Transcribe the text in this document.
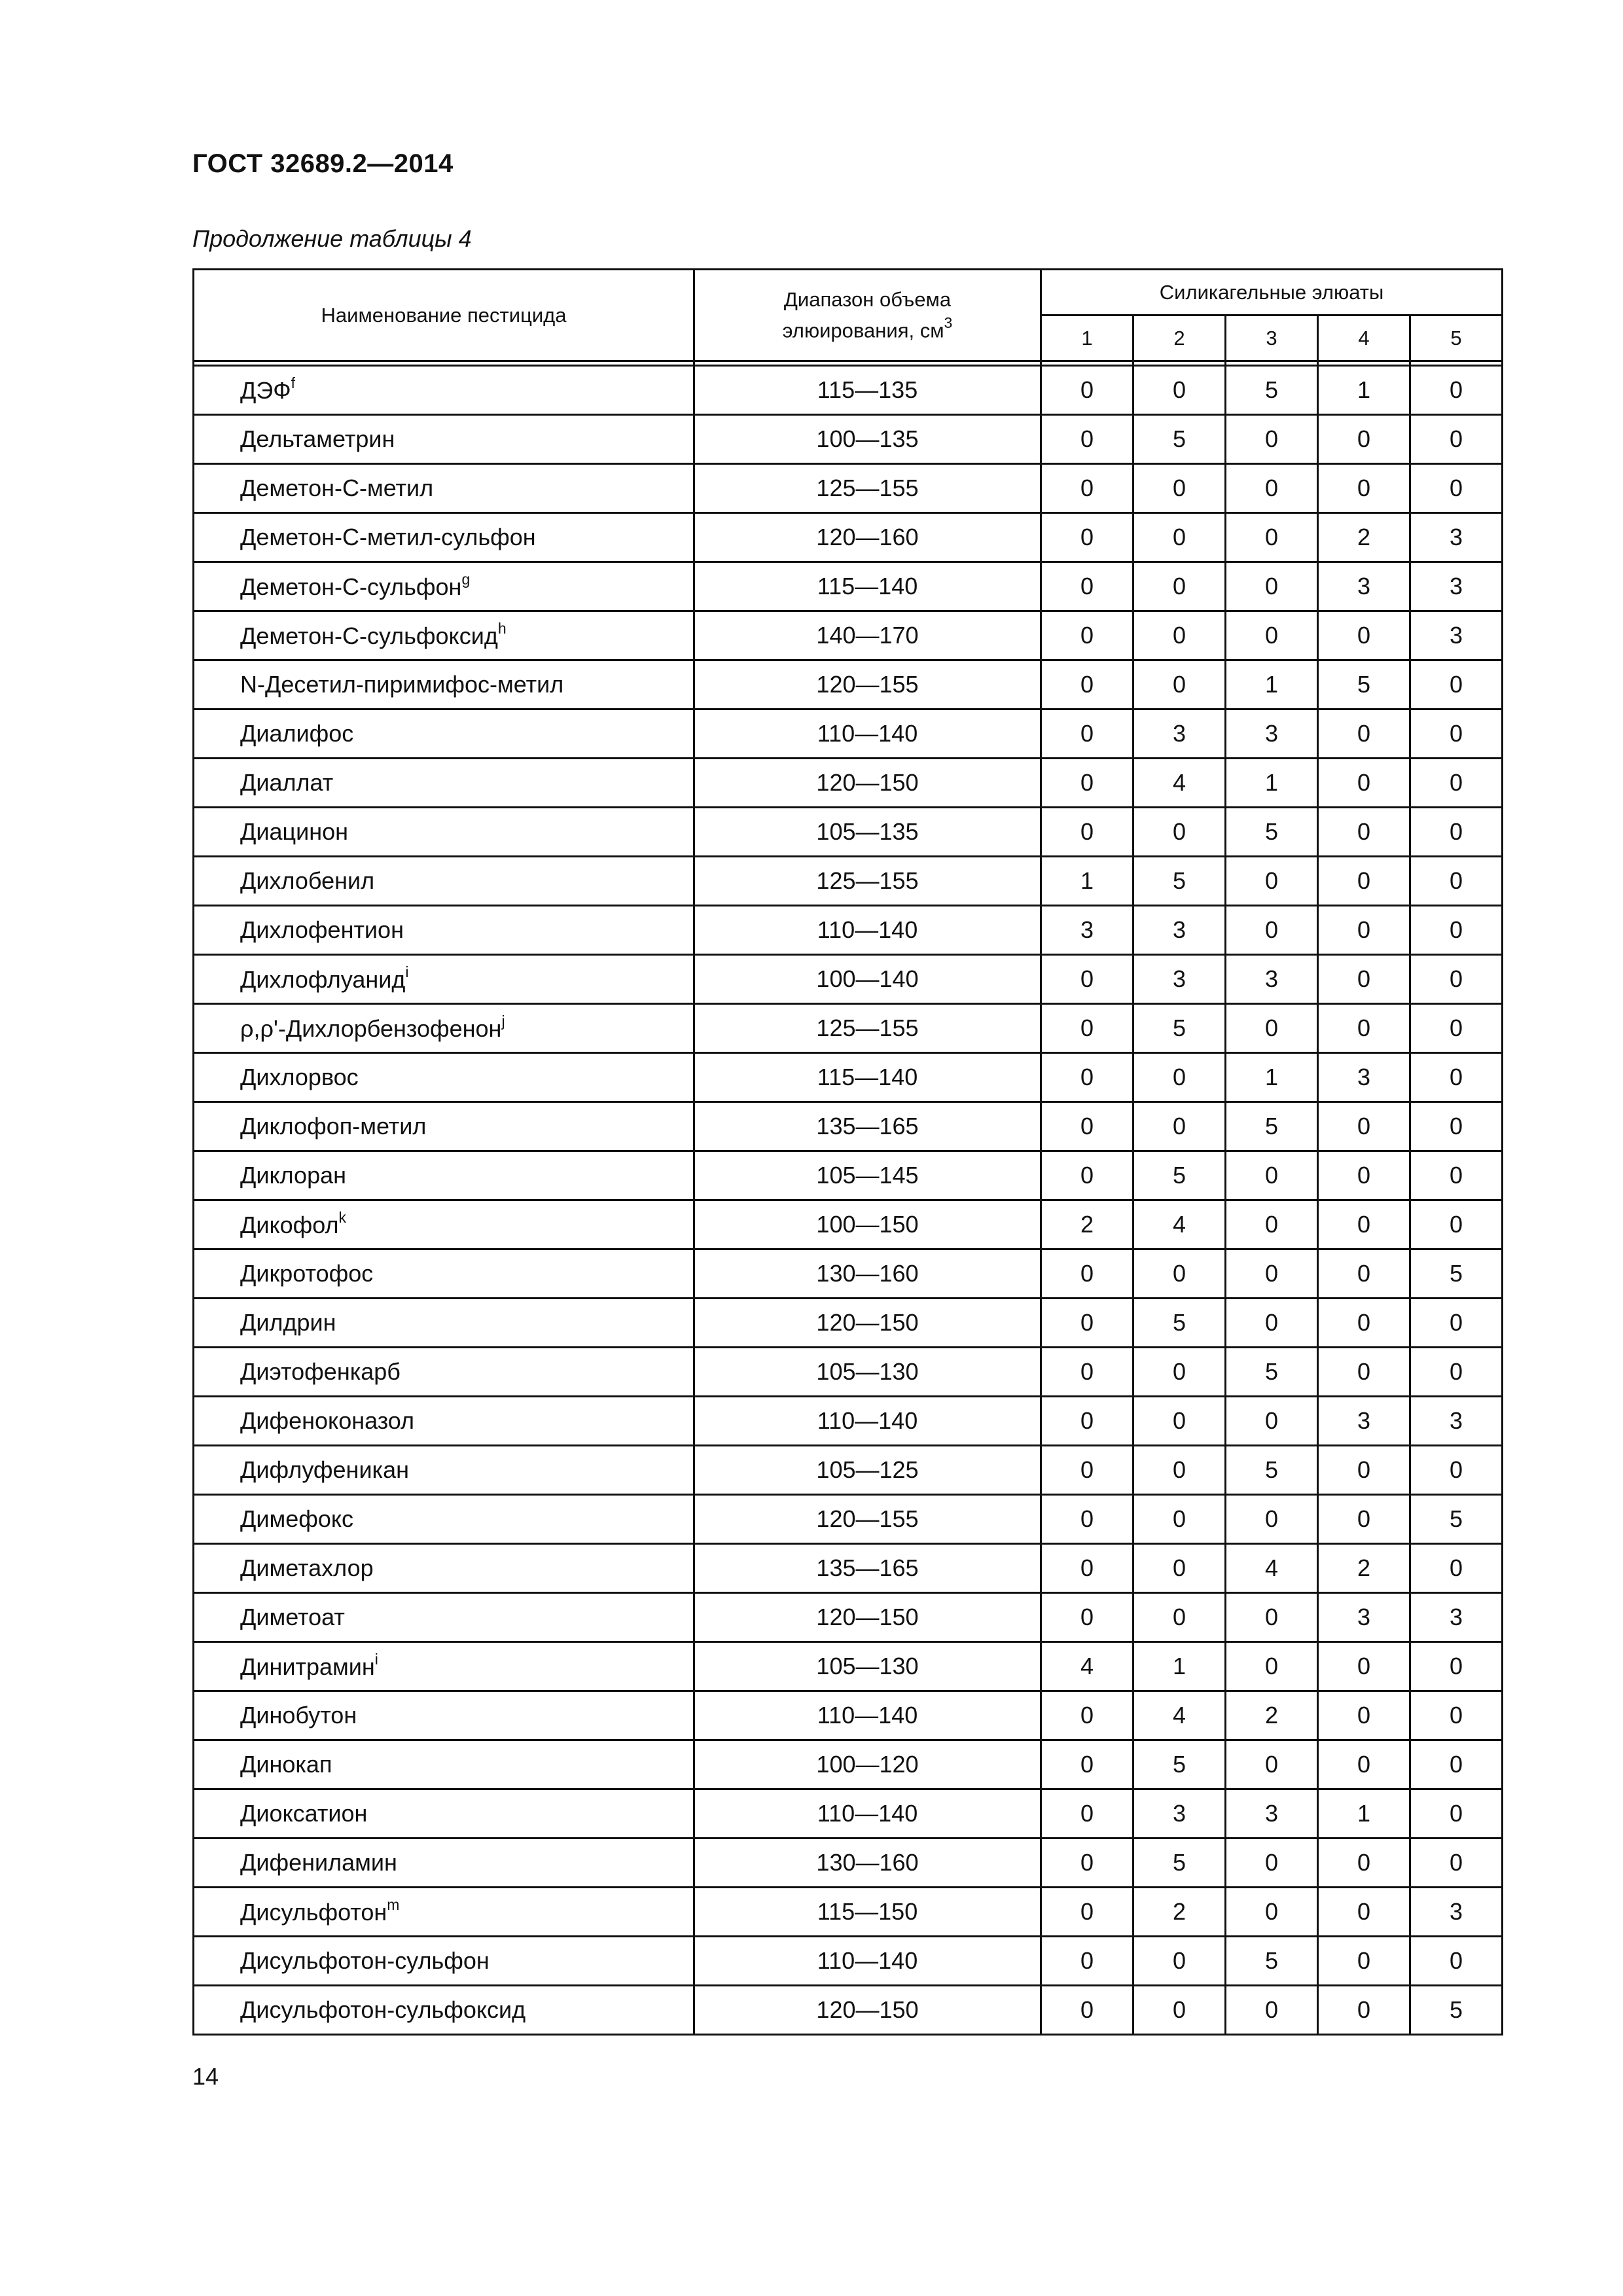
ГОСТ 32689.2—2014
Продолжение таблицы 4
Наименование пестицида	Диапазон объема
элюирования, $см^3$	Силикагельные элюаты				
		1	2	3	4	5

ДЭФ$^f$	115—135	0	0	5	1	0
Дельтаметрин	100—135	0	5	0	0	0
Деметон-С-метил	125—155	0	0	0	0	0
Деметон-С-метил-сульфон	120—160	0	0	0	2	3
Деметон-С-сульфон$^g$	115—140	0	0	0	3	3
Деметон-С-сульфоксид$^h$	140—170	0	0	0	0	3
N-Десетил-пиримифос-метил	120—155	0	0	1	5	0
Диалифос	110—140	0	3	3	0	0
Диаллат	120—150	0	4	1	0	0
Диацинон	105—135	0	0	5	0	0
Дихлобенил	125—155	1	5	0	0	0
Дихлофентион	110—140	3	3	0	0	0
Дихлофлуанид$^i$	100—140	0	3	3	0	0
ρ,ρ'-Дихлорбензофенон$^j$	125—155	0	5	0	0	0
Дихлорвос	115—140	0	0	1	3	0
Диклофоп-метил	135—165	0	0	5	0	0
Диклоран	105—145	0	5	0	0	0
Дикофол$^k$	100—150	2	4	0	0	0
Дикротофос	130—160	0	0	0	0	5
Дилдрин	120—150	0	5	0	0	0
Диэтофенкарб	105—130	0	0	5	0	0
Дифеноконазол	110—140	0	0	0	3	3
Дифлуфеникан	105—125	0	0	5	0	0
Димефокс	120—155	0	0	0	0	5
Диметахлор	135—165	0	0	4	2	0
Диметоат	120—150	0	0	0	3	3
Динитрамин$^i$	105—130	4	1	0	0	0
Динобутон	110—140	0	4	2	0	0
Динокап	100—120	0	5	0	0	0
Диоксатион	110—140	0	3	3	1	0
Дифениламин	130—160	0	5	0	0	0
Дисульфотон$^m$	115—150	0	2	0	0	3
Дисульфотон-сульфон	110—140	0	0	5	0	0
Дисульфотон-сульфоксид	120—150	0	0	0	0	5
14
